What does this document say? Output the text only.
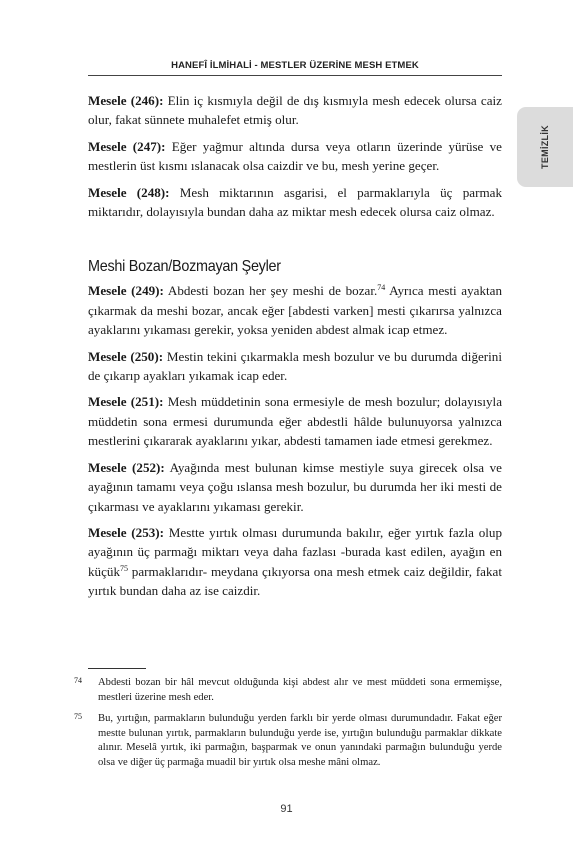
HANEFÎ İLMİHALİ - MESTLER ÜZERİNE MESH ETMEK
TEMİZLİK

Mesele (246): Elin iç kısmıyla değil de dış kısmıyla mesh edecek olursa caiz olur, fakat sünnete muhalefet etmiş olur.

Mesele (247): Eğer yağmur altında dursa veya otların üzerinde yürüse ve mestlerin üst kısmı ıslanacak olsa caizdir ve bu, mesh yerine geçer.

Mesele (248): Mesh miktarının asgarisi, el parmaklarıyla üç parmak miktarıdır, dolayısıyla bundan daha az miktar mesh edecek olursa caiz olmaz.

Meshi Bozan/Bozmayan Şeyler

Mesele (249): Abdesti bozan her şey meshi de bozar.$^{74}$ Ayrıca mesti ayaktan çıkarmak da meshi bozar, ancak eğer [abdesti varken] mesti çıkarırsa yalnızca ayaklarını yıkaması gerekir, yoksa yeniden abdest almak icap etmez.

Mesele (250): Mestin tekini çıkarmakla mesh bozulur ve bu durumda diğerini de çıkarıp ayakları yıkamak icap eder.

Mesele (251): Mesh müddetinin sona ermesiyle de mesh bozulur; dolayısıyla müddetin sona ermesi durumunda eğer abdestli hâlde bulunuyorsa yalnızca mestlerini çıkararak ayaklarını yıkar, abdesti tamamen iade etmesi gerekmez.

Mesele (252): Ayağında mest bulunan kimse mestiyle suya girecek olsa ve ayağının tamamı veya çoğu ıslansa mesh bozulur, bu durumda her iki mesti de çıkarması ve ayaklarını yıkaması gerekir.

Mesele (253): Mestte yırtık olması durumunda bakılır, eğer yırtık fazla olup ayağının üç parmağı miktarı veya daha fazlası -burada kast edilen, ayağın en küçük$^{75}$ parmaklarıdır- meydana çıkıyorsa ona mesh etmek caiz değildir, fakat yırtık bundan daha az ise caizdir.

74 Abdesti bozan bir hâl mevcut olduğunda kişi abdest alır ve mest müddeti sona ermemişse, mestleri üzerine mesh eder.
75 Bu, yırtığın, parmakların bulunduğu yerden farklı bir yerde olması durumundadır. Fakat eğer mestte bulunan yırtık, parmakların bulunduğu yerde ise, yırtığın bulunduğu parmaklar dikkate alınır. Meselâ yırtık, iki parmağın, başparmak ve onun yanındaki parmağın bulunduğu yerde olsa ve diğer üç parmağa muadil bir yırtık olsa meshe mâni olmaz.
91
